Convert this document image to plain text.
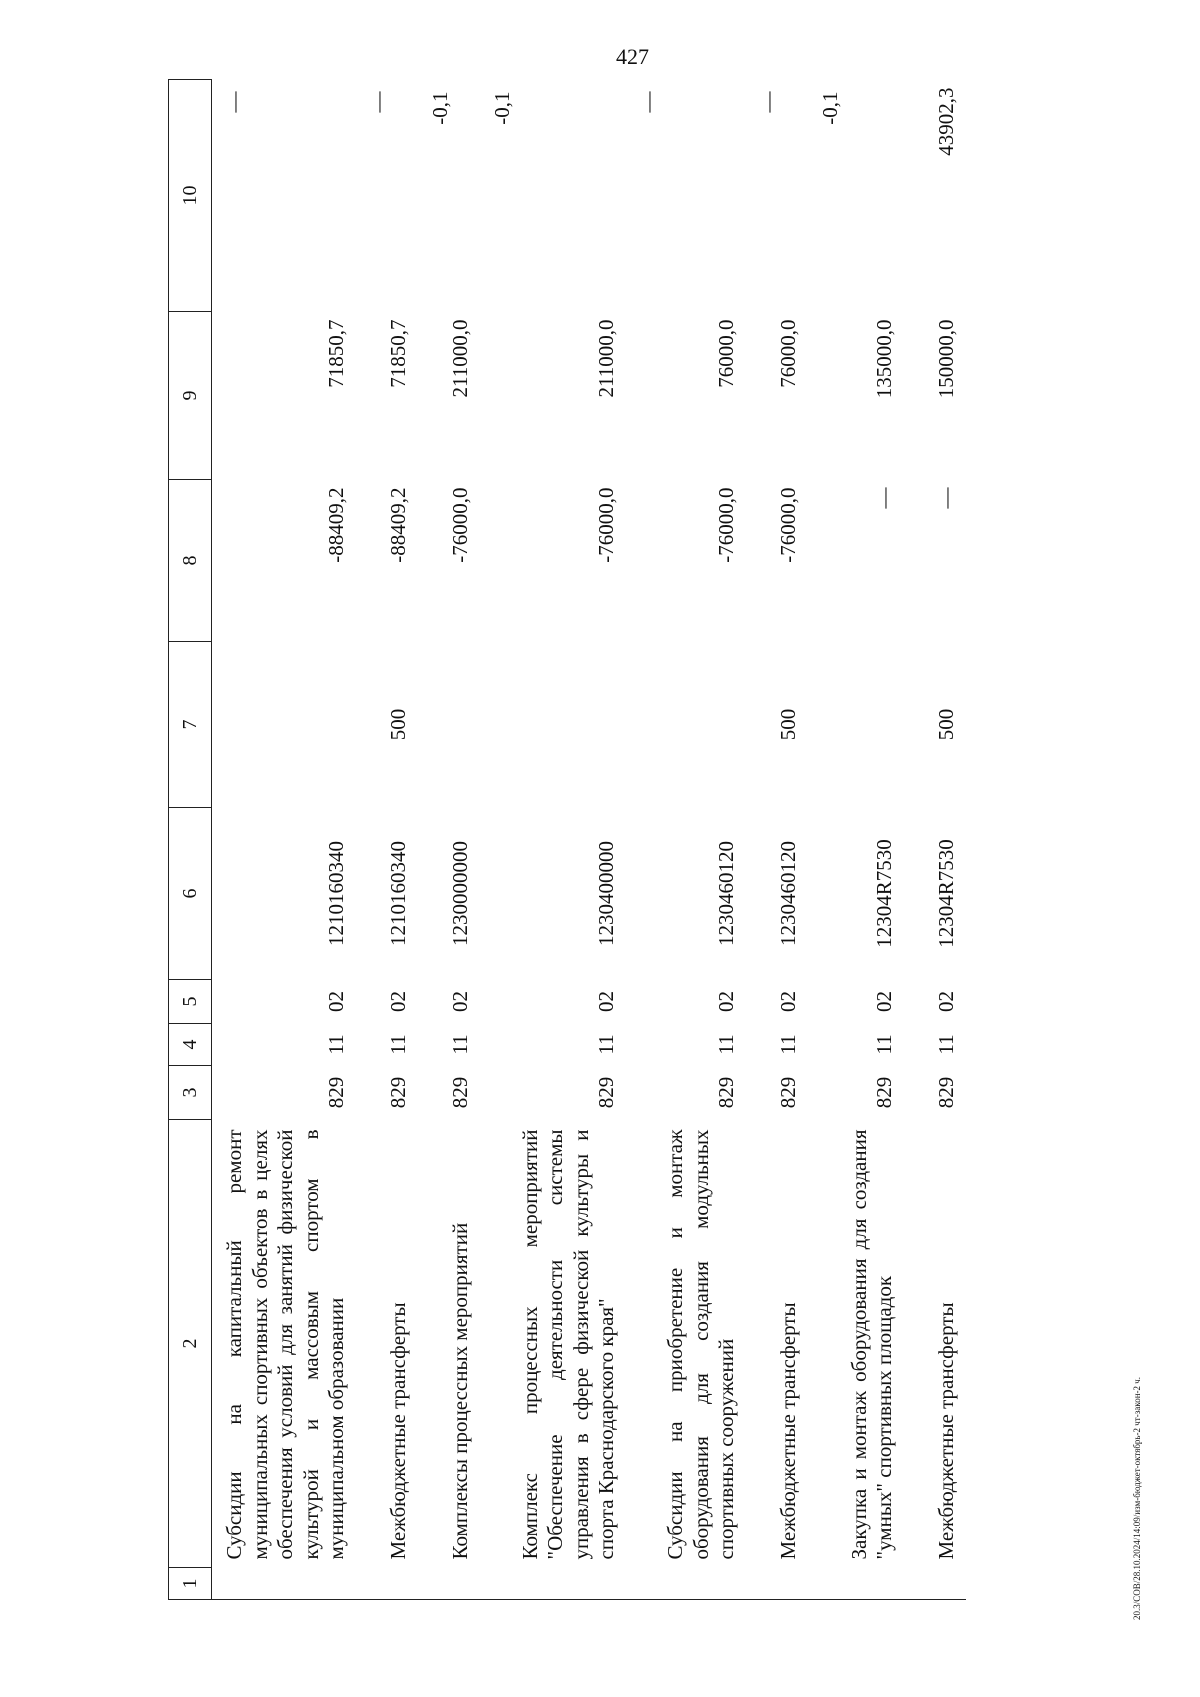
427
20.3/СОВ/28.10.2024/14:09/изм-бюджет-октябрь-2 чт-закон-2 ч.
1	2	3	4	5	6	7	8	9	10
	Субсидии на капитальный ремонт муниципальных спортивных объектов в целях обеспечения условий для занятий физической культурой и массовым спортом в муниципальном образовании	829	11	02	1210160340		-88409,2	71850,7	—
	Межбюджетные трансферты	829	11	02	1210160340	500	-88409,2	71850,7	—
	Комплексы процессных мероприятий	829	11	02	1230000000		-76000,0	211000,0	-0,1
	Комплекс процессных мероприятий "Обеспечение деятельности системы управления в сфере физической культуры и спорта Краснодарского края"	829	11	02	1230400000		-76000,0	211000,0	-0,1
	Субсидии на приобретение и монтаж оборудования для создания модульных спортивных сооружений	829	11	02	1230460120		-76000,0	76000,0	—
	Межбюджетные трансферты	829	11	02	1230460120	500	-76000,0	76000,0	—
	Закупка и монтаж оборудования для создания "умных" спортивных площадок	829	11	02	12304R7530		—	135000,0	-0,1
	Межбюджетные трансферты	829	11	02	12304R7530	500	—	150000,0	43902,3
